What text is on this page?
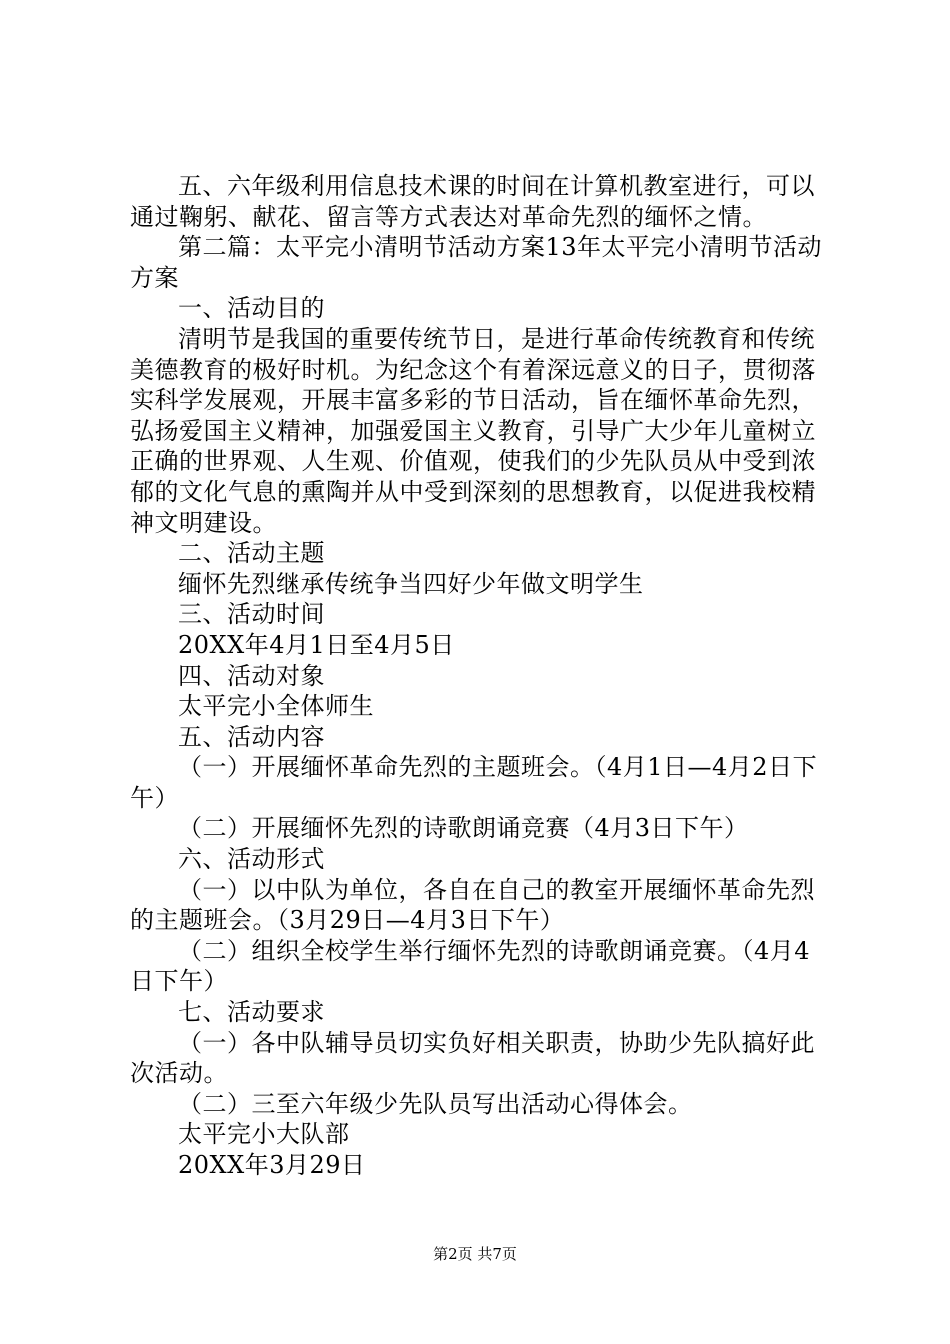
五、六年级利用信息技术课的时间在计算机教室进行，可以通过鞠躬、献花、留言等方式表达对革命先烈的缅怀之情。

第二篇：太平完小清明节活动方案13年太平完小清明节活动方案

一、活动目的

清明节是我国的重要传统节日，是进行革命传统教育和传统美德教育的极好时机。为纪念这个有着深远意义的日子，贯彻落实科学发展观，开展丰富多彩的节日活动，旨在缅怀革命先烈，弘扬爱国主义精神，加强爱国主义教育，引导广大少年儿童树立正确的世界观、人生观、价值观，使我们的少先队员从中受到浓郁的文化气息的熏陶并从中受到深刻的思想教育，以促进我校精神文明建设。

二、活动主题

缅怀先烈继承传统争当四好少年做文明学生

三、活动时间

20XX年4月1日至4月5日

四、活动对象

太平完小全体师生

五、活动内容

（一）开展缅怀革命先烈的主题班会。（4月1日—4月2日下午）

（二）开展缅怀先烈的诗歌朗诵竞赛（4月3日下午）

六、活动形式

（一）以中队为单位，各自在自己的教室开展缅怀革命先烈的主题班会。（3月29日—4月3日下午）

（二）组织全校学生举行缅怀先烈的诗歌朗诵竞赛。（4月4日下午）

七、活动要求

（一）各中队辅导员切实负好相关职责，协助少先队搞好此次活动。

（二）三至六年级少先队员写出活动心得体会。

太平完小大队部

20XX年3月29日

第2页 共7页
